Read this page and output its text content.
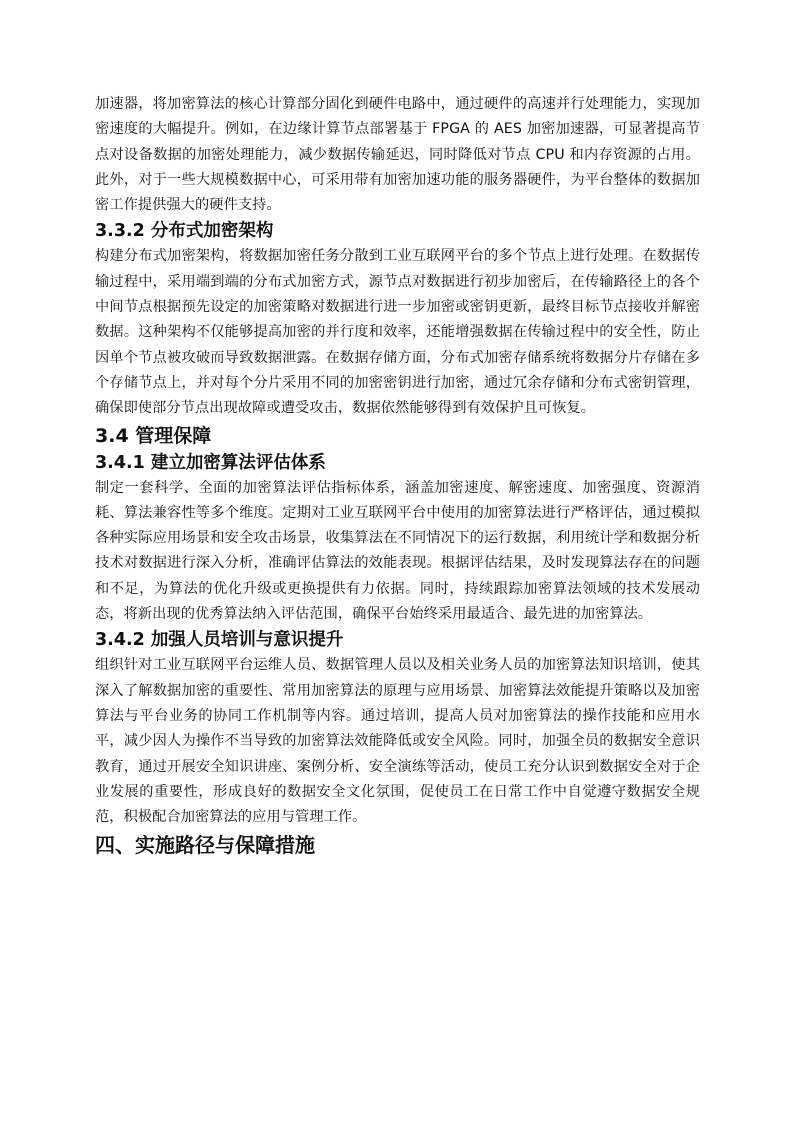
加速器，将加密算法的核心计算部分固化到硬件电路中，通过硬件的高速并行处理能力，实现加密速度的大幅提升。例如，在边缘计算节点部署基于 FPGA 的 AES 加密加速器，可显著提高节点对设备数据的加密处理能力，减少数据传输延迟，同时降低对节点 CPU 和内存资源的占用。此外，对于一些大规模数据中心，可采用带有加密加速功能的服务器硬件，为平台整体的数据加密工作提供强大的硬件支持。

3.3.2 分布式加密架构

构建分布式加密架构，将数据加密任务分散到工业互联网平台的多个节点上进行处理。在数据传输过程中，采用端到端的分布式加密方式，源节点对数据进行初步加密后，在传输路径上的各个中间节点根据预先设定的加密策略对数据进行进一步加密或密钥更新，最终目标节点接收并解密数据。这种架构不仅能够提高加密的并行度和效率，还能增强数据在传输过程中的安全性，防止因单个节点被攻破而导致数据泄露。在数据存储方面，分布式加密存储系统将数据分片存储在多个存储节点上，并对每个分片采用不同的加密密钥进行加密，通过冗余存储和分布式密钥管理，确保即使部分节点出现故障或遭受攻击，数据依然能够得到有效保护且可恢复。

3.4 管理保障
3.4.1 建立加密算法评估体系

制定一套科学、全面的加密算法评估指标体系，涵盖加密速度、解密速度、加密强度、资源消耗、算法兼容性等多个维度。定期对工业互联网平台中使用的加密算法进行严格评估，通过模拟各种实际应用场景和安全攻击场景，收集算法在不同情况下的运行数据，利用统计学和数据分析技术对数据进行深入分析，准确评估算法的效能表现。根据评估结果，及时发现算法存在的问题和不足，为算法的优化升级或更换提供有力依据。同时，持续跟踪加密算法领域的技术发展动态，将新出现的优秀算法纳入评估范围，确保平台始终采用最适合、最先进的加密算法。

3.4.2 加强人员培训与意识提升

组织针对工业互联网平台运维人员、数据管理人员以及相关业务人员的加密算法知识培训，使其深入了解数据加密的重要性、常用加密算法的原理与应用场景、加密算法效能提升策略以及加密算法与平台业务的协同工作机制等内容。通过培训，提高人员对加密算法的操作技能和应用水平，减少因人为操作不当导致的加密算法效能降低或安全风险。同时，加强全员的数据安全意识教育，通过开展安全知识讲座、案例分析、安全演练等活动，使员工充分认识到数据安全对于企业发展的重要性，形成良好的数据安全文化氛围，促使员工在日常工作中自觉遵守数据安全规范，积极配合加密算法的应用与管理工作。

四、实施路径与保障措施
